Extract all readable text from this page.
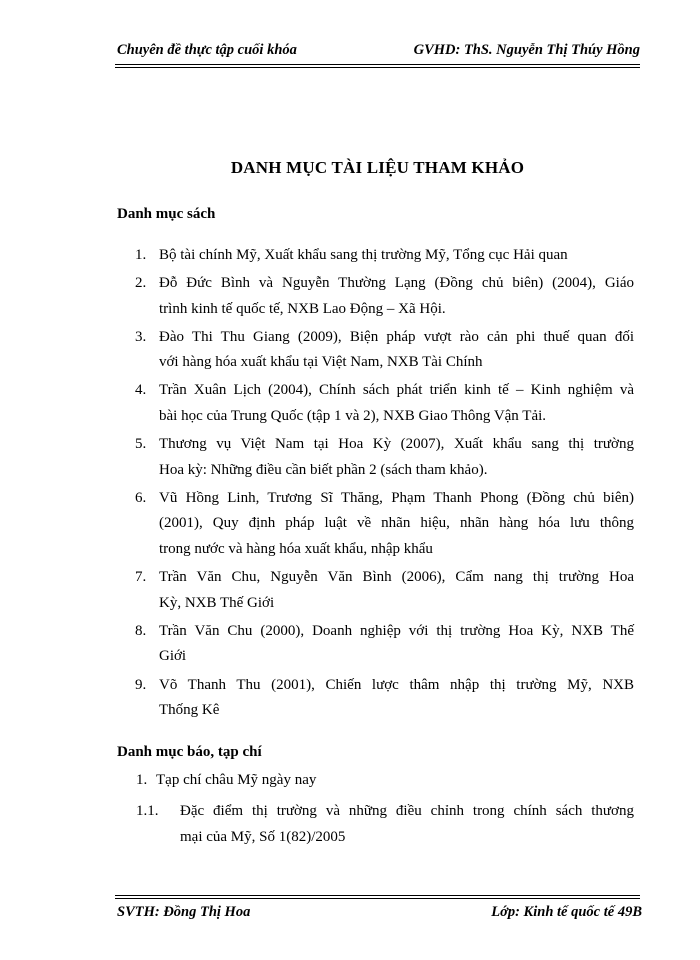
Chuyên đề thực tập cuối khóa	GVHD: ThS. Nguyễn Thị Thúy Hồng
DANH MỤC TÀI LIỆU THAM KHẢO
Danh mục sách
1. Bộ tài chính Mỹ, Xuất khẩu sang thị trường Mỹ, Tổng cục Hải quan
2. Đỗ Đức Bình và Nguyễn Thường Lạng (Đồng chủ biên) (2004), Giáo
trình kinh tế quốc tế, NXB Lao Động – Xã Hội.
3. Đào Thi Thu Giang (2009), Biện pháp vượt rào cản phi thuế quan đối
với hàng hóa xuất khẩu tại Việt Nam, NXB Tài Chính
4. Trần Xuân Lịch (2004), Chính sách phát triển kinh tế – Kinh nghiệm và
bài học của Trung Quốc (tập 1 và 2), NXB Giao Thông Vận Tải.
5. Thương vụ Việt Nam tại Hoa Kỳ (2007), Xuất khẩu sang thị trường
Hoa kỳ: Những điều cần biết phần 2 (sách tham khảo).
6. Vũ Hồng Linh, Trương Sĩ Thăng, Phạm Thanh Phong (Đồng chủ biên)
(2001), Quy định pháp luật về nhãn hiệu, nhãn hàng hóa lưu thông
trong nước và hàng hóa xuất khẩu, nhập khẩu
7. Trần Văn Chu, Nguyễn Văn Bình (2006), Cẩm nang thị trường Hoa
Kỳ, NXB Thế Giới
8. Trần Văn Chu (2000), Doanh nghiệp với thị trường Hoa Kỳ, NXB Thế
Giới
9. Võ Thanh Thu (2001), Chiến lược thâm nhập thị trường Mỹ, NXB
Thống Kê
Danh mục báo, tạp chí
1. Tạp chí châu Mỹ ngày nay
1.1. Đặc điểm thị trường và những điều chỉnh trong chính sách thương
mại của Mỹ, Số 1(82)/2005
SVTH: Đồng Thị Hoa	Lớp: Kinh tế quốc tế 49B
